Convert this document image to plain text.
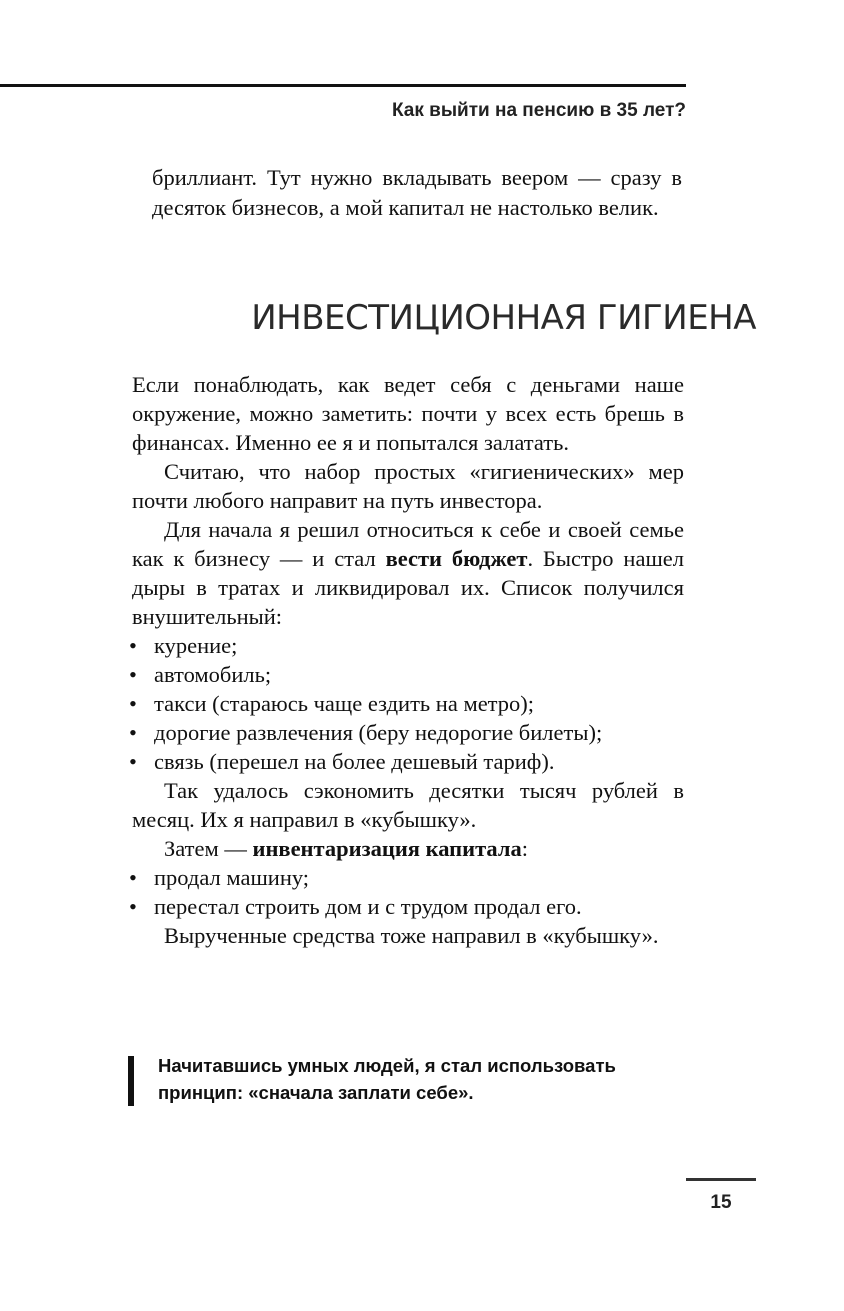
Как выйти на пенсию в 35 лет?

бриллиант. Тут нужно вкладывать веером — сразу в десяток бизнесов, а мой капитал не настолько велик.

ИНВЕСТИЦИОННАЯ ГИГИЕНА

Если понаблюдать, как ведет себя с деньгами наше окружение, можно заметить: почти у всех есть брешь в финансах. Именно ее я и попытался залатать.

Считаю, что набор простых «гигиенических» мер почти любого направит на путь инвестора.

Для начала я решил относиться к себе и своей семье как к бизнесу — и стал вести бюджет. Быстро нашел дыры в тратах и ликвидировал их. Список получился внушительный:

• курение;
• автомобиль;
• такси (стараюсь чаще ездить на метро);
• дорогие развлечения (беру недорогие билеты);
• связь (перешел на более дешевый тариф).

Так удалось сэкономить десятки тысяч рублей в месяц. Их я направил в «кубышку».

Затем — инвентаризация капитала:

• продал машину;
• перестал строить дом и с трудом продал его.

Вырученные средства тоже направил в «кубышку».

Начитавшись умных людей, я стал использовать принцип: «сначала заплати себе».
15
